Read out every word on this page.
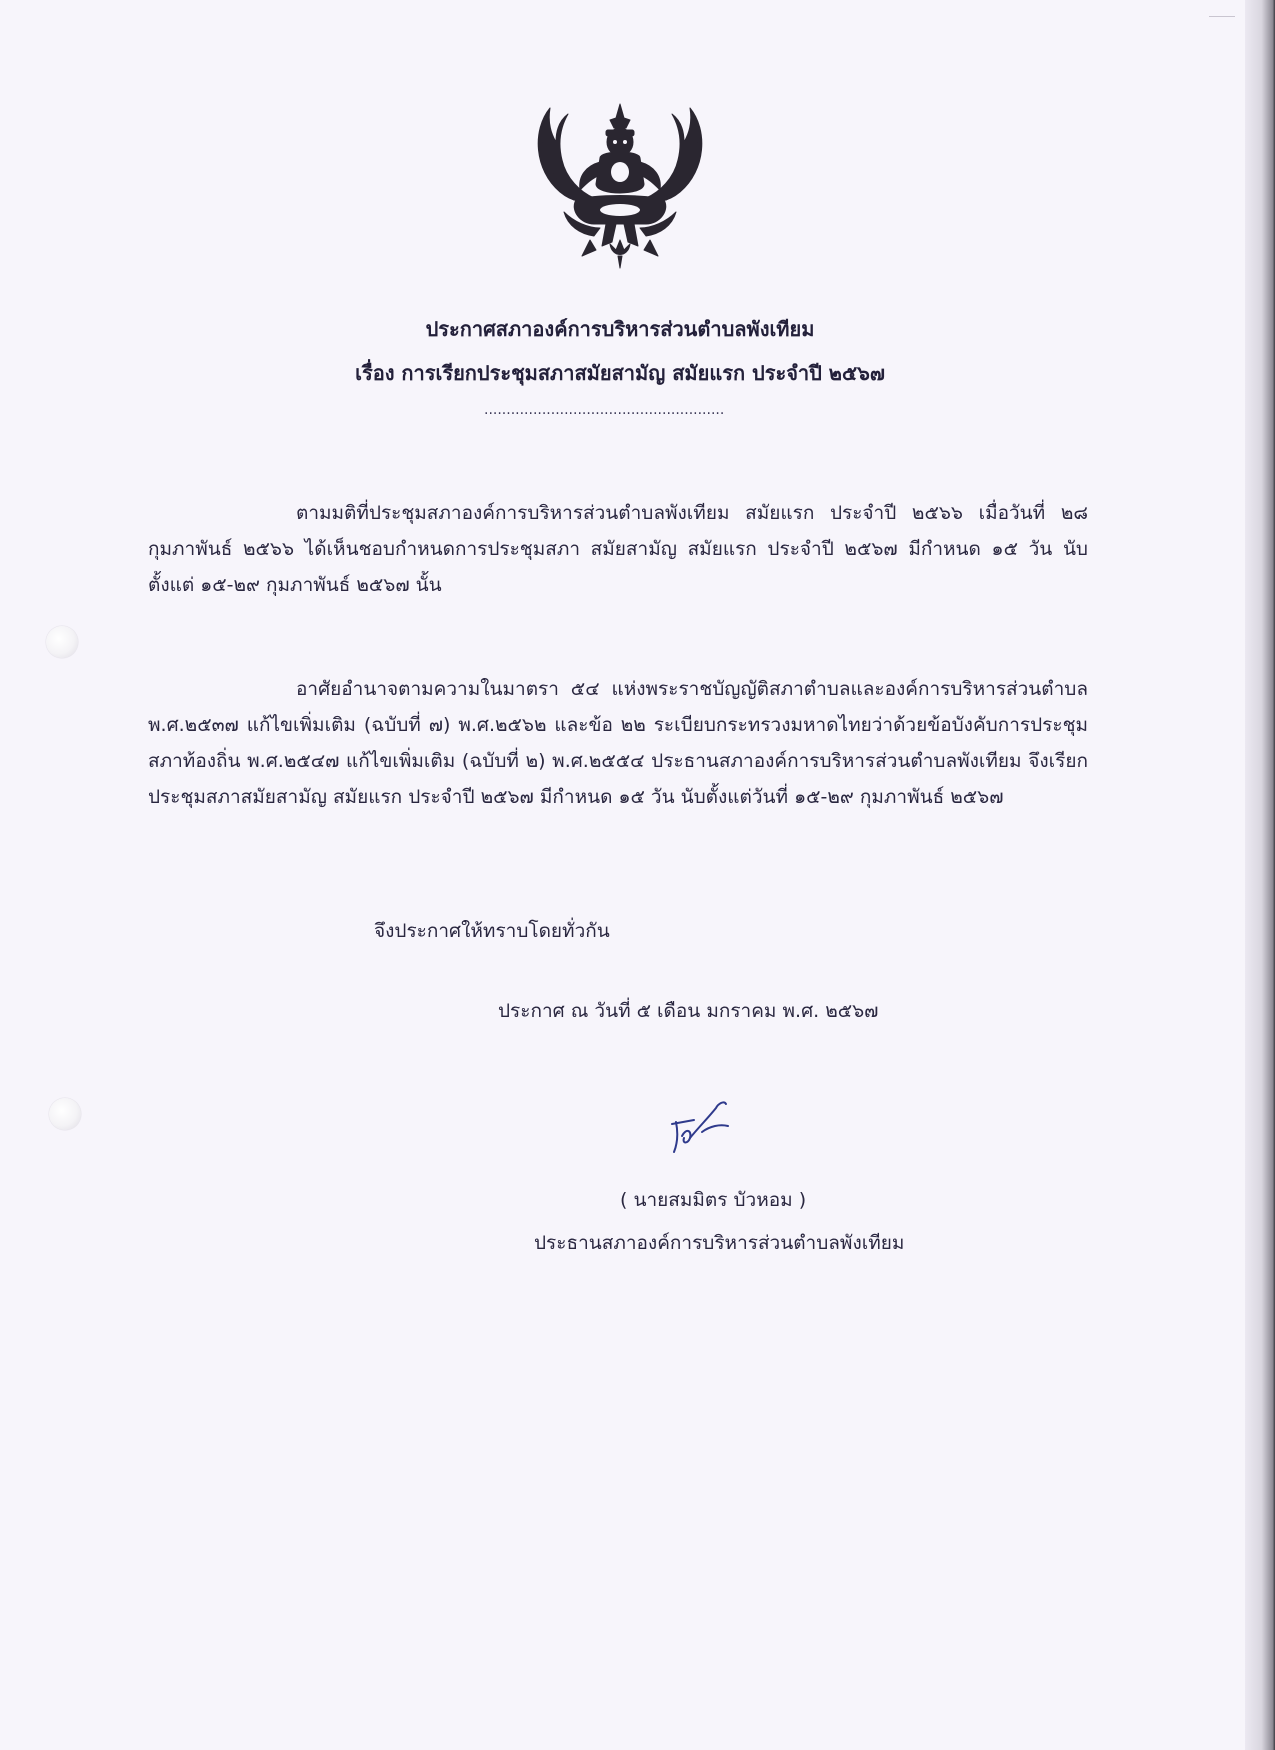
ประกาศสภาองค์การบริหารส่วนตำบลพังเทียม
เรื่อง การเรียกประชุมสภาสมัยสามัญ สมัยแรก ประจำปี ๒๕๖๗
......................................................

ตามมติที่ประชุมสภาองค์การบริหารส่วนตำบลพังเทียม สมัยแรก ประจำปี ๒๕๖๖ เมื่อวันที่ ๒๘ กุมภาพันธ์ ๒๕๖๖ ได้เห็นชอบกำหนดการประชุมสภา สมัยสามัญ สมัยแรก ประจำปี ๒๕๖๗ มีกำหนด ๑๕ วัน นับตั้งแต่ ๑๕-๒๙ กุมภาพันธ์ ๒๕๖๗ นั้น

อาศัยอำนาจตามความในมาตรา ๕๔ แห่งพระราชบัญญัติสภาตำบลและองค์การบริหารส่วนตำบล พ.ศ.๒๕๓๗ แก้ไขเพิ่มเติม (ฉบับที่ ๗) พ.ศ.๒๕๖๒ และข้อ ๒๒ ระเบียบกระทรวงมหาดไทยว่าด้วยข้อบังคับการประชุมสภาท้องถิ่น พ.ศ.๒๕๔๗ แก้ไขเพิ่มเติม (ฉบับที่ ๒) พ.ศ.๒๕๕๔ ประธานสภาองค์การบริหารส่วนตำบลพังเทียม จึงเรียกประชุมสภาสมัยสามัญ สมัยแรก ประจำปี ๒๕๖๗ มีกำหนด ๑๕ วัน นับตั้งแต่วันที่ ๑๕-๒๙ กุมภาพันธ์ ๒๕๖๗

จึงประกาศให้ทราบโดยทั่วกัน
ประกาศ ณ วันที่ ๕ เดือน มกราคม พ.ศ. ๒๕๖๗
( นายสมมิตร บัวหอม )
ประธานสภาองค์การบริหารส่วนตำบลพังเทียม
